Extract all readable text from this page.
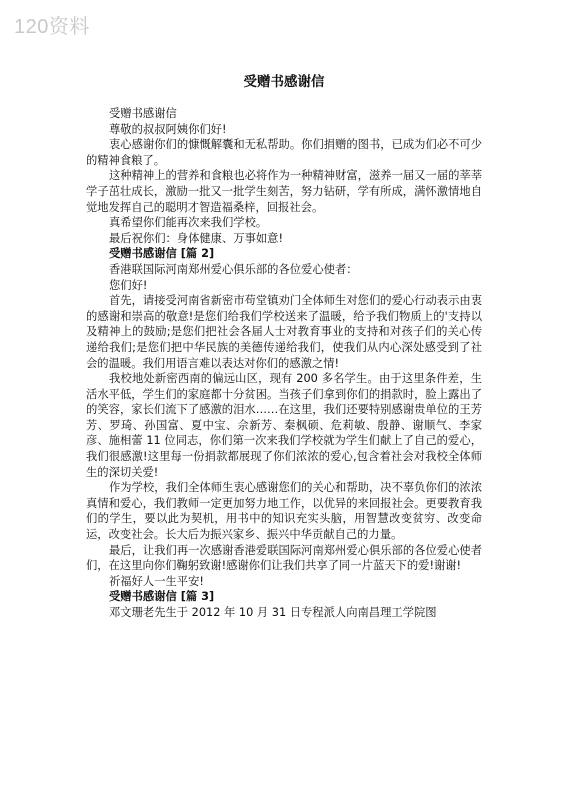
120资料
受赠书感谢信

受赠书感谢信

尊敬的叔叔阿姨你们好!

衷心感谢你们的慷慨解囊和无私帮助。你们捐赠的图书，已成为们必不可少的精神食粮了。

这种精神上的营养和食粮也必将作为一种精神财富，滋养一届又一届的莘莘学子茁壮成长，激励一批又一批学生刻苦，努力钻研，学有所成，满怀激情地自觉地发挥自己的聪明才智造福桑梓，回报社会。

真希望你们能再次来我们学校。

最后祝你们：身体健康、万事如意!

受赠书感谢信 [篇 2]

香港联国际河南郑州爱心俱乐部的各位爱心使者：

您们好!

首先，请接受河南省新密市苟堂镇劝门全体师生对您们的爱心行动表示由衷的感谢和崇高的敬意!是您们给我们学校送来了温暖，给予我们物质上的'支持以及精神上的鼓励;是您们把社会各届人士对教育事业的支持和对孩子们的关心传递给我们;是您们把中华民族的美德传递给我们，使我们从内心深处感受到了社会的温暖。我们用语言难以表达对你们的感激之情!

我校地处新密西南的偏远山区，现有 200 多名学生。由于这里条件差，生活水平低，学生们的家庭都十分贫困。当孩子们拿到你们的捐款时，脸上露出了的笑容，家长们流下了感激的泪水……在这里，我们还要特别感谢贵单位的王芳芳、罗琦、孙国富、夏中宝、佘新芳、秦枫硕、危莉敏、殷静、谢顺气、李家彦、施相蕾 11 位同志，你们第一次来我们学校就为学生们献上了自己的爱心，我们很感激!这里每一份捐款都展现了你们浓浓的爱心,包含着社会对我校全体师生的深切关爱!

作为学校，我们全体师生衷心感谢您们的关心和帮助，决不辜负你们的浓浓真情和爱心，我们教师一定更加努力地工作，以优异的来回报社会。更要教育我们的学生，要以此为契机，用书中的知识充实头脑，用智慧改变贫穷、改变命运，改变社会。长大后为振兴家乡、振兴中华贡献自己的力量。

最后，让我们再一次感谢香港爱联国际河南郑州爱心俱乐部的各位爱心使者们，在这里向你们鞠躬致谢!感谢你们让我们共享了同一片蓝天下的爱!谢谢!

祈福好人一生平安!

受赠书感谢信 [篇 3]

邓文珊老先生于 2012 年 10 月 31 日专程派人向南昌理工学院图
